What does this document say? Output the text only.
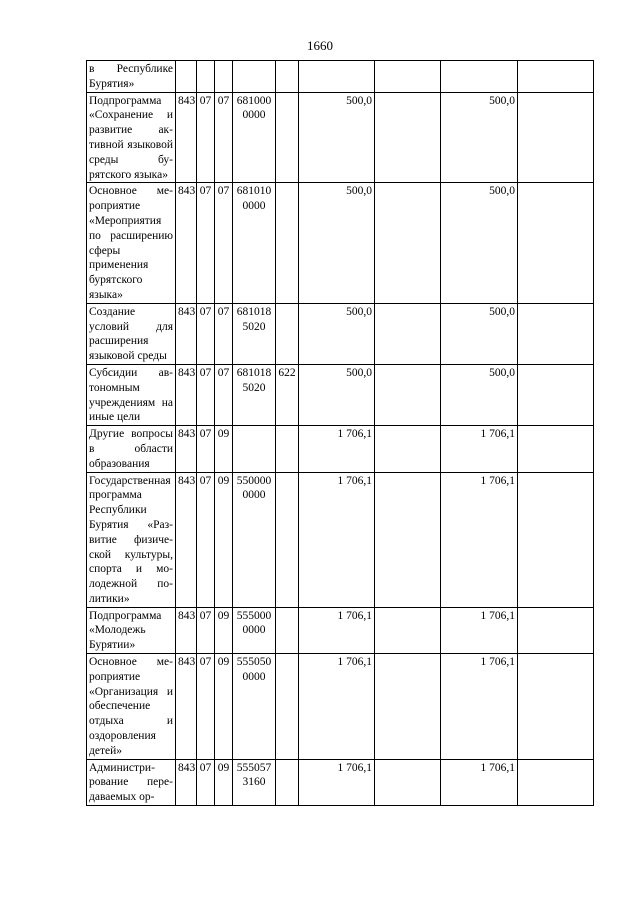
1660
в Республике Бурятия»									
Подпрограмма «Сохранение и развитие активной языковой среды бурятского языка»	843	07	07	681000 0000		500,0		500,0	
Основное мероприятие «Мероприятия по расширению сферы применения бурятского языка»	843	07	07	681010 0000		500,0		500,0	
Создание условий для расширения языковой среды	843	07	07	681018 5020		500,0		500,0	
Субсидии автономным учреждениям на иные цели	843	07	07	681018 5020	622	500,0		500,0	
Другие вопросы в области образования	843	07	09			1 706,1		1 706,1	
Государственная программа Республики Бурятия «Развитие физической культуры, спорта и молодежной политики»	843	07	09	550000 0000		1 706,1		1 706,1	
Подпрограмма «Молодежь Бурятии»	843	07	09	555000 0000		1 706,1		1 706,1	
Основное мероприятие «Организация и обеспечение отдыха и оздоровления детей»	843	07	09	555050 0000		1 706,1		1 706,1	
Администрирование передаваемых ор-	843	07	09	555057 3160		1 706,1		1 706,1	
